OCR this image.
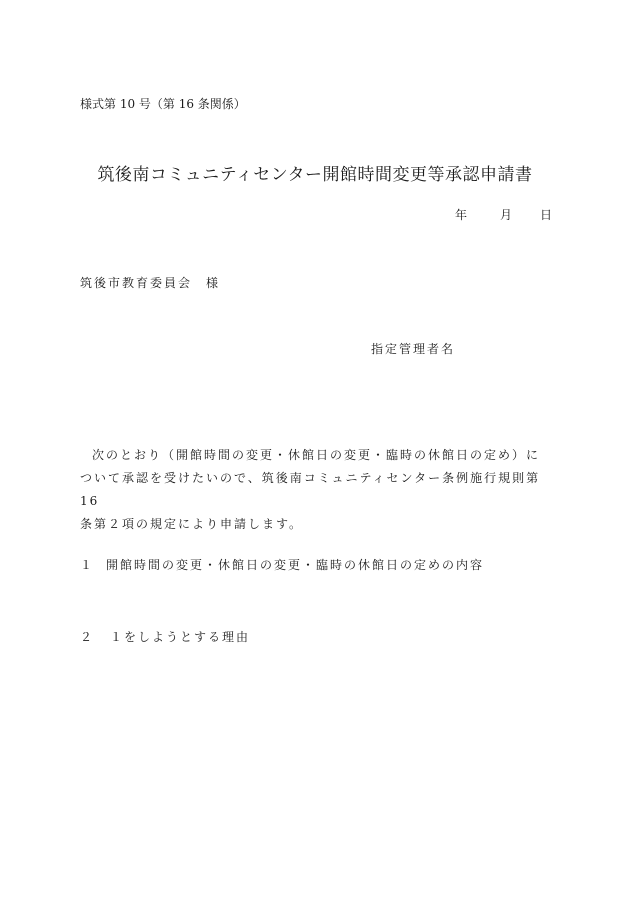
様式第 10 号（第 16 条関係）
筑後南コミュニティセンター開館時間変更等承認申請書
年	月 日
筑後市教育委員会　様
指定管理者名
次のとおり（開館時間の変更・休館日の変更・臨時の休館日の定め）に
ついて承認を受けたいので、筑後南コミュニティセンター条例施行規則第 16
条第２項の規定により申請します。
１ 開館時間の変更・休館日の変更・臨時の休館日の定めの内容
２ １をしようとする理由
